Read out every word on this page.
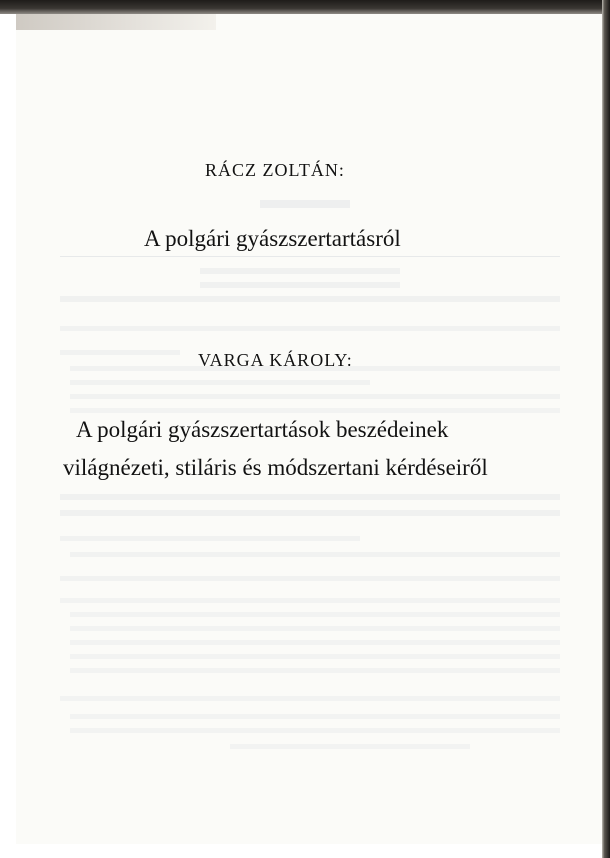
RÁCZ ZOLTÁN:
A polgári gyászszertartásról
VARGA KÁROLY:
A polgári gyászszertartások beszédeinek
világnézeti, stiláris és módszertani kérdéseiről
